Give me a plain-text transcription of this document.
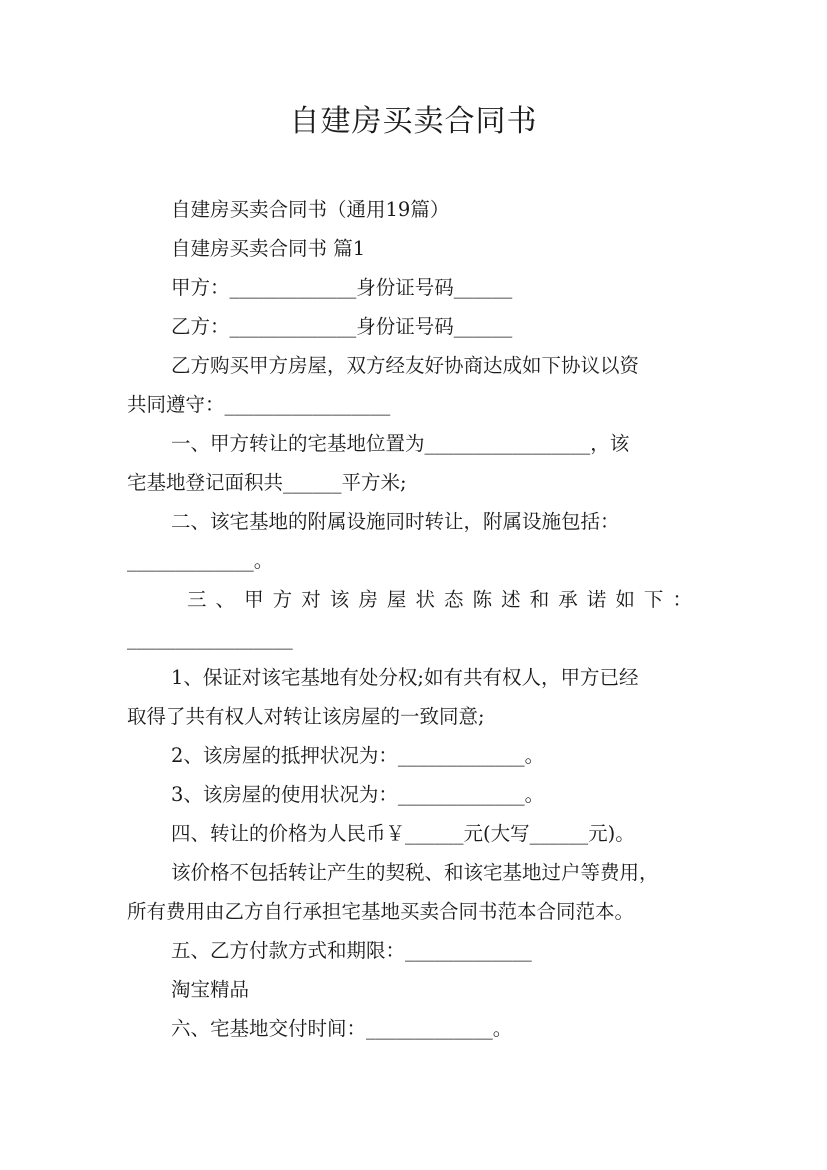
自建房买卖合同书
自建房买卖合同书（通用19篇）
自建房买卖合同书 篇1
甲方：_____________身份证号码______
乙方：_____________身份证号码______
乙方购买甲方房屋，双方经友好协商达成如下协议以资
共同遵守：_________________
一、甲方转让的宅基地位置为_________________，该
宅基地登记面积共______平方米;
二、该宅基地的附属设施同时转让，附属设施包括：
_____________。
三、甲方对该房屋状态陈述和承诺如下：
_________________
1、保证对该宅基地有处分权;如有共有权人，甲方已经
取得了共有权人对转让该房屋的一致同意;
2、该房屋的抵押状况为：_____________。
3、该房屋的使用状况为：_____________。
四、转让的价格为人民币￥______元(大写______元)。
该价格不包括转让产生的契税、和该宅基地过户等费用，
所有费用由乙方自行承担宅基地买卖合同书范本合同范本。
五、乙方付款方式和期限：_____________
淘宝精品
六、宅基地交付时间：_____________。
